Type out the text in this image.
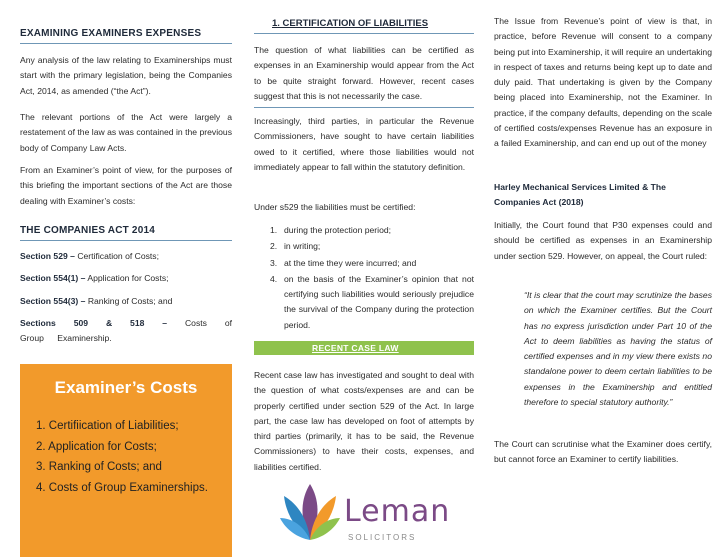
EXAMINING EXAMINERS EXPENSES

Any analysis of the law relating to Examinerships must start with the primary legislation, being the Companies Act, 2014, as amended (“the Act”).

The relevant portions of the Act were largely a restatement of the law as was contained in the previous body of Company Law Acts.

From an Examiner’s point of view, for the purposes of this briefing the important sections of the Act are those dealing with Examiner’s costs:

THE COMPANIES ACT 2014

Section 529 – Certification of Costs;

Section 554(1) – Application for Costs;

Section 554(3) – Ranking of Costs; and

Sections 509 & 518 – Costs of Group Examinership.

Examiner’s Costs
1. Certifiication of Liabilities;
2. Application for Costs;
3. Ranking of Costs; and
4. Costs of Group Examinerships.
1. CERTIFICATION OF LIABILITIES

The question of what liabilities can be certified as expenses in an Examinership would appear from the Act to be quite straight forward. However, recent cases suggest that this is not necessarily the case.

Increasingly, third parties, in particular the Revenue Commissioners, have sought to have certain liabilities owed to it certified, where those liabilities would not immediately appear to fall within the statutory definition.

Under s529 the liabilities must be certified:

1. during the protection period;
2. in writing;
3. at the time they were incurred; and
4. on the basis of the Examiner’s opinion that not certifying such liabilities would seriously prejudice the survival of the Company during the protection period.

Recent case law has investigated and sought to deal with the question of what costs/expenses are and can be properly certified under section 529 of the Act. In large part, the case law has developed on foot of attempts by third parties (primarily, it has to be said, the Revenue Commissioners) to have their costs, expenses, and liabilities certified.

RECENT CASE LAW
Leman
SOLICITORS

The Issue from Revenue’s point of view is that, in practice, before Revenue will consent to a company being put into Examinership, it will require an undertaking in respect of taxes and returns being kept up to date and duly paid. That undertaking is given by the Company being placed into Examinership, not the Examiner. In practice, if the company defaults, depending on the scale of certified costs/expenses Revenue has an exposure in a failed Examinership, and can end up out of the money

Harley Mechanical Services Limited & The Companies Act (2018)

Initially, the Court found that P30 expenses could and should be certified as expenses in an Examinership under section 529. However, on appeal, the Court ruled:

“It is clear that the court may scrutinize the bases on which the Examiner certifies. But the Court has no express jurisdiction under Part 10 of the Act to deem liabilities as having the status of certified expenses and in my view there exists no standalone power to deem certain liabilities to be expenses in the Examinership and entitled therefore to special statutory authority.”

The Court can scrutinise what the Examiner does certify, but cannot force an Examiner to certify liabilities.
